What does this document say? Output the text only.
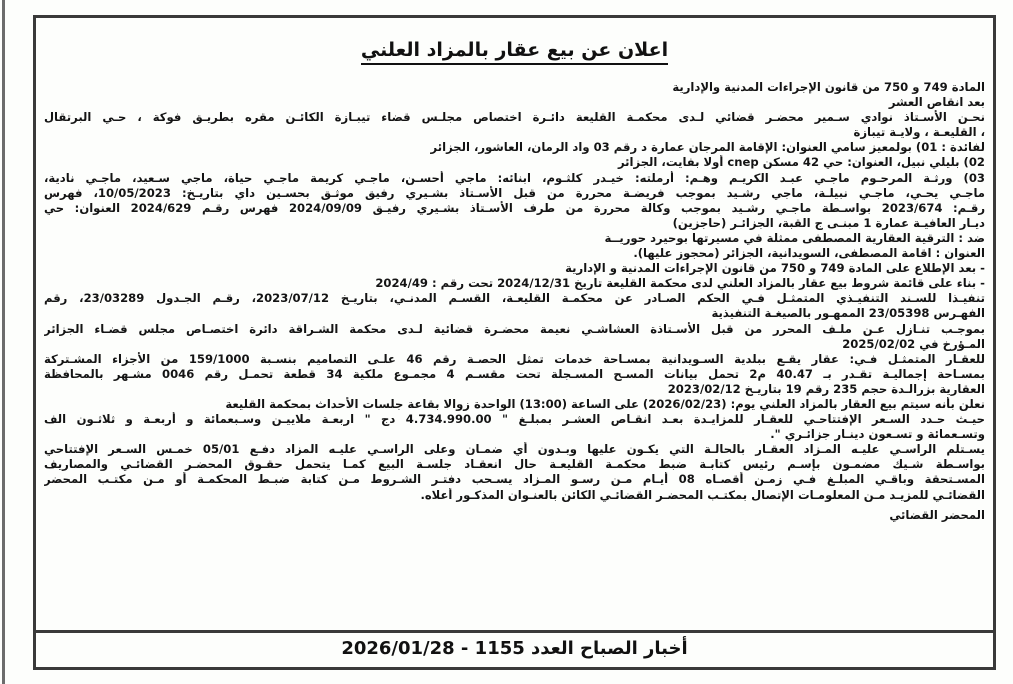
اعلان عن بيع عقار بالمزاد العلني
المادة 749 و 750 من قانون الإجراءات المدنية والإدارية
بعد انقاص العشر
نحـن الأسـتاذ نوادي سـمير محضـر قضائي لـدى محكمـة القليعة دائـرة اختصاص مجلـس قضاء تيبـازة الكائـن مقره بطريـق فوكة ، حـي البرتقال
، القليعـة ، ولايـة تيبازة
لفائدة : 01) بولمعيز سامي العنوان: الإقامة المرجان عمارة د رقم 03 واد الرمان، العاشور، الجزائر
02) بليلي نبيل، العنوان: حي 42 مسكن cnep أولا بفايت، الجزائر
03) ورثـة المرحـوم ماجـي عبـد الكريـم وهـم: أرملته: خيـدر كلثـوم، ابنائه: ماجي أحسـن، ماجـي كريمة ماجـي حياة، ماجي سـعيد، ماجـي نادية،
ماجـي يحـي، ماجـي نبيلـة، ماجي رشـيد بموجب فريضـة محررة من قبل الأسـتاذ بشـيري رفيق موثـق بحسـين داي بتاريـخ: 10/05/2023، فهرس
رقـم: 2023/674 بواسـطة ماجـي رشـيد بموجب وكالة محررة من طرف الأسـتاذ بشـيري رفيـق 2024/09/09 فهرس رقـم 2024/629 العنوان: حي
ديـار العافيـة عمارة 1 مبنـى ج القبة، الجزائـر (حاجزين)
ضد : الترقية العقارية المصطفى ممثلة في مسيرتها بوحيرد حوريــة
العنوان : اقامة المصطفى، السويدانية، الجزائر (محجوز عليها).
- بعد الإطلاع على المادة 749 و 750 من قانون الإجراءات المدنية و الإدارية
- بناء على قائمة شروط بيع عقار بالمزاد العلني لدى محكمة القليعة تاريخ 2024/12/31 تحت رقم : 2024/49
تنفيـذا للسـند التنفيـذي المتمثـل فـي الحكم الصـادر عن محكمـة القليعـة، القسـم المدنـي، بتاريـخ 2023/07/12، رقـم الجـدول 23/03289، رقم
الفهـرس 23/05398 الممهـور بالصيغـة التنفيذية
بموجـب تنـازل عـن ملـف المحرر من قبل الأسـتاذة العشاشـي نعيمة محضـرة قضائية لـدى محكمة الشـراقة دائرة اختصـاص مجلس قضـاء الجزائر
المـؤرخ في 2025/02/02
للعقـار المتمثـل فـي: عقار يقـع ببلدية السـويدانية بمسـاحة خدمات تمثل الحصـة رقم 46 علـى التصاميم بنسـبة 159/1000 من الأجزاء المشـتركة
بمسـاحة إجماليـة تقـدر بـ 40.47 م2 تحمل بيانات المسـح المسـجلة تحت مقسـم 4 مجمـوع ملكية 34 قطعة تحمـل رقم 0046 مشـهر بالمحافظة
العقارية بزرالـدة حجم 235 رقم 19 بتاريـخ 2023/02/12
نعلن بأنه سيتم بيع العقار بالمزاد العلني يوم: (2026/02/23) على الساعة (13:00) الواحدة زوالا بقاعة جلسات الأحداث بمحكمة القليعة
حيـث حـدد السـعر الإفتتاحـي للعقـار للمزايـدة بعـد انقـاص العشـر بمبلـغ " 4.734.990.00 دج " اربعـة ملاييـن وسـبعمائة و أربعـة و ثلاثـون الف
وتسـعمائة و تسـعون دينـار جزائـري ".
يسـتلم الراسـي عليـه المـزاد العقـار بالحالـة التي يكـون عليها وبـدون أي ضمـان وعلى الراسـي عليـه المزاد دفـع 05/01 خمـس السـعر الإفتتاحي
بواسـطة شـيك مضمـون بإسـم رئيس كتابـة ضبط محكمـة القليعـة حال انعقـاد جلسـة البيع كمـا يتحمل حقـوق المحضـر القضائـي والمصاريف
المسـتحقة وباقـي المبلـغ فـي زمـن أقصـاه 08 أيـام مـن رسـو المـزاد يسـحب دفتـر الشـروط مـن كتابة ضبـط المحكمـة أو مـن مكتـب المحضر
القضائـي للمزيـد مـن المعلومـات الإتصال بمكتـب المحضـر القضائـي الكائن بالعنـوان المذكـور أعلاه.
المحضر القضائي
أخبار الصباح العدد 1155 - 2026/01/28
